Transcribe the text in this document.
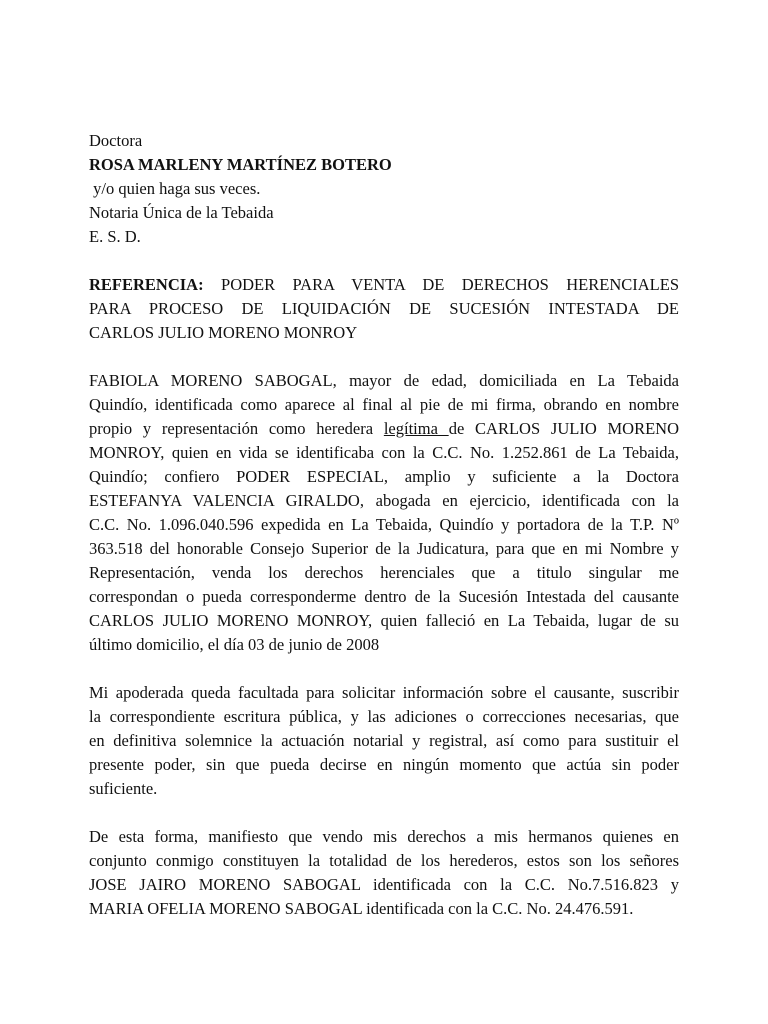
Doctora
ROSA MARLENY MARTÍNEZ BOTERO
y/o quien haga sus veces.
Notaria Única de la Tebaida
E. S. D.
REFERENCIA: PODER PARA VENTA DE DERECHOS HERENCIALES
PARA PROCESO DE LIQUIDACIÓN DE SUCESIÓN INTESTADA DE
CARLOS JULIO MORENO MONROY
FABIOLA MORENO SABOGAL, mayor de edad, domiciliada en La Tebaida
Quindío, identificada como aparece al final al pie de mi firma, obrando en nombre
propio y representación como heredera legítima de CARLOS JULIO MORENO
MONROY, quien en vida se identificaba con la C.C. No. 1.252.861 de La Tebaida,
Quindío; confiero PODER ESPECIAL, amplio y suficiente a la Doctora
ESTEFANYA VALENCIA GIRALDO, abogada en ejercicio, identificada con la
C.C. No. 1.096.040.596 expedida en La Tebaida, Quindío y portadora de la T.P. Nº
363.518 del honorable Consejo Superior de la Judicatura, para que en mi Nombre y
Representación, venda los derechos herenciales que a titulo singular me
correspondan o pueda corresponderme dentro de la Sucesión Intestada del causante
CARLOS JULIO MORENO MONROY, quien falleció en La Tebaida, lugar de su
último domicilio, el día 03 de junio de 2008
Mi apoderada queda facultada para solicitar información sobre el causante, suscribir
la correspondiente escritura pública, y las adiciones o correcciones necesarias, que
en definitiva solemnice la actuación notarial y registral, así como para sustituir el
presente poder, sin que pueda decirse en ningún momento que actúa sin poder
suficiente.
De esta forma, manifiesto que vendo mis derechos a mis hermanos quienes en
conjunto conmigo constituyen la totalidad de los herederos, estos son los señores
JOSE JAIRO MORENO SABOGAL identificada con la C.C. No.7.516.823 y
MARIA OFELIA MORENO SABOGAL identificada con la C.C. No. 24.476.591.
